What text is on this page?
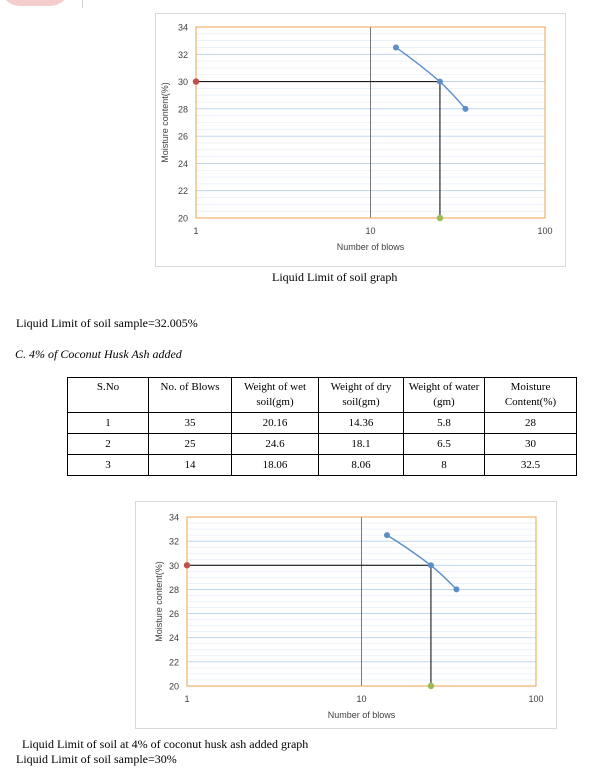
20
22
24
26
28
30
32
34
1	10	100
Number of blows
Moisture content(%)
Liquid Limit of soil graph
Liquid Limit of soil sample=32.005%
C. 4% of Coconut Husk Ash added
S.No	No. of Blows	Weight of wet soil(gm)	Weight of dry soil(gm)	Weight of water (gm)	Moisture Content(%)
1	35	20.16	14.36	5.8	28
2	25	24.6	18.1	6.5	30
3	14	18.06	8.06	8	32.5
20
22
24
26
28
30
32
34
1	10	100
Number of blows
Moisture content(%)
Liquid Limit of soil at 4% of coconut husk ash added graph
Liquid Limit of soil sample=30%
